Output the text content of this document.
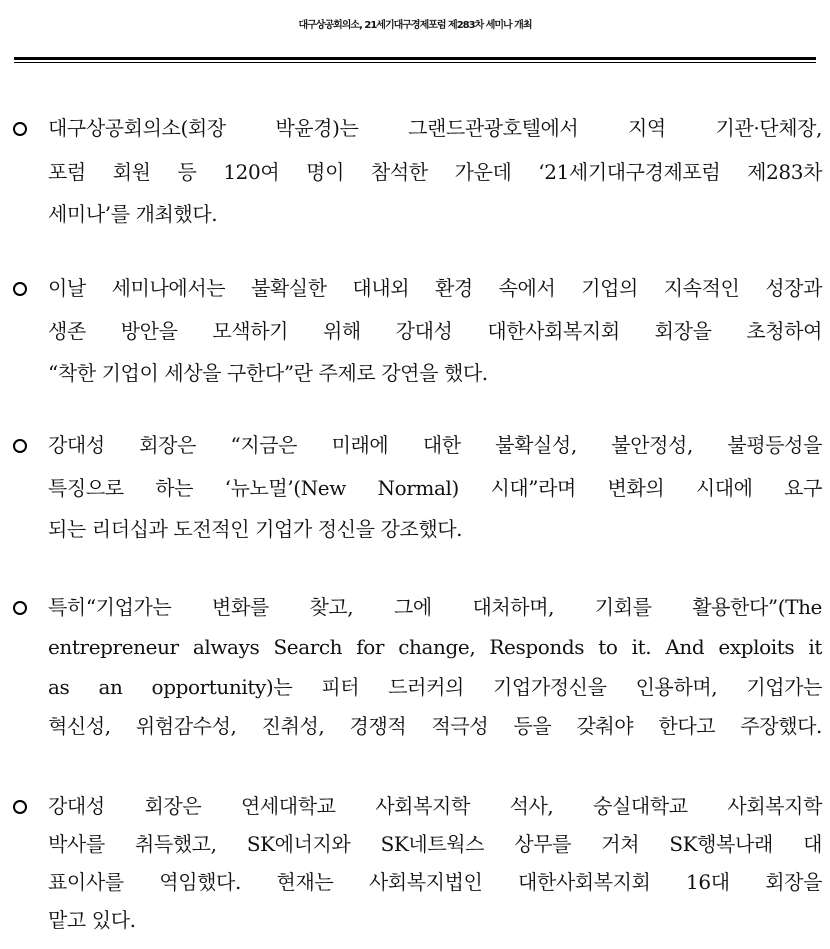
대구상공회의소, 21세기대구경제포럼 제283차 세미나 개최
대구상공회의소(회장 박윤경)는 그랜드관광호텔에서 지역 기관·단체장,
포럼 회원 등 120여 명이 참석한 가운데 ‘21세기대구경제포럼 제283차
세미나’를 개최했다.
이날 세미나에서는 불확실한 대내외 환경 속에서 기업의 지속적인 성장과
생존 방안을 모색하기 위해 강대성 대한사회복지회 회장을 초청하여
“착한 기업이 세상을 구한다”란 주제로 강연을 했다.
강대성 회장은 “지금은 미래에 대한 불확실성, 불안정성, 불평등성을
특징으로 하는 ‘뉴노멀’(New Normal) 시대”라며 변화의 시대에 요구
되는 리더십과 도전적인 기업가 정신을 강조했다.
특히“기업가는 변화를 찾고, 그에 대처하며, 기회를 활용한다”(The
entrepreneur always Search for change, Responds to it. And exploits it
as an opportunity)는 피터 드러커의 기업가정신을 인용하며, 기업가는
혁신성, 위험감수성, 진취성, 경쟁적 적극성 등을 갖춰야 한다고 주장했다.
강대성 회장은 연세대학교 사회복지학 석사, 숭실대학교 사회복지학
박사를 취득했고, SK에너지와 SK네트웍스 상무를 거쳐 SK행복나래 대
표이사를 역임했다. 현재는 사회복지법인 대한사회복지회 16대 회장을
맡고 있다.
